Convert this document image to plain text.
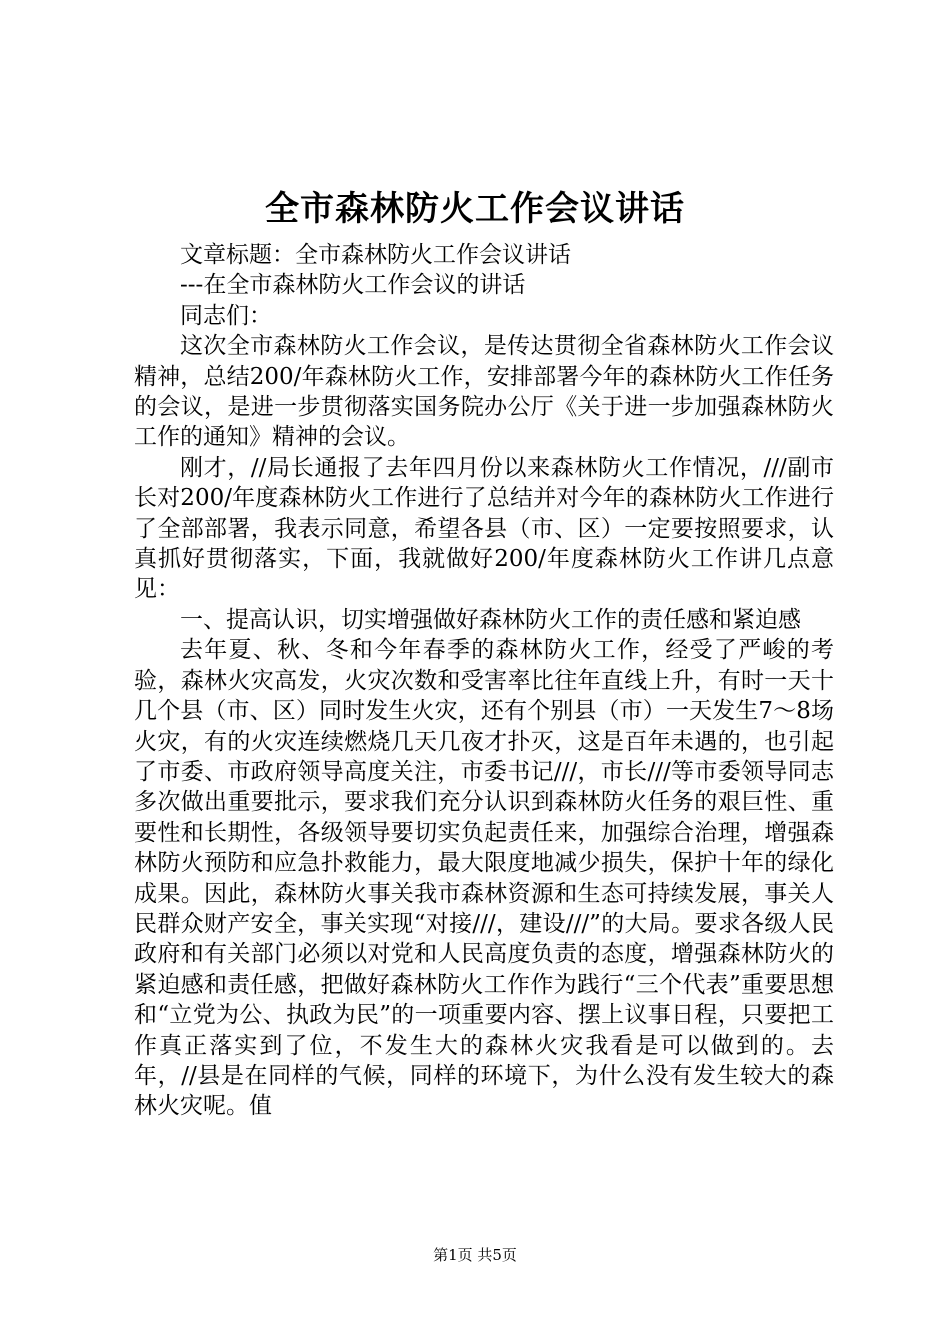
全市森林防火工作会议讲话

文章标题：全市森林防火工作会议讲话

---在全市森林防火工作会议的讲话

同志们：

这次全市森林防火工作会议，是传达贯彻全省森林防火工作会议精神，总结200/年森林防火工作，安排部署今年的森林防火工作任务的会议，是进一步贯彻落实国务院办公厅《关于进一步加强森林防火工作的通知》精神的会议。

刚才，//局长通报了去年四月份以来森林防火工作情况，///副市长对200/年度森林防火工作进行了总结并对今年的森林防火工作进行了全部部署，我表示同意，希望各县（市、区）一定要按照要求，认真抓好贯彻落实，下面，我就做好200/年度森林防火工作讲几点意见：

一、提高认识，切实增强做好森林防火工作的责任感和紧迫感

去年夏、秋、冬和今年春季的森林防火工作，经受了严峻的考验，森林火灾高发，火灾次数和受害率比往年直线上升，有时一天十几个县（市、区）同时发生火灾，还有个别县（市）一天发生7～8场火灾，有的火灾连续燃烧几天几夜才扑灭，这是百年未遇的，也引起了市委、市政府领导高度关注，市委书记///，市长///等市委领导同志多次做出重要批示，要求我们充分认识到森林防火任务的艰巨性、重要性和长期性，各级领导要切实负起责任来，加强综合治理，增强森林防火预防和应急扑救能力，最大限度地减少损失，保护十年的绿化成果。因此，森林防火事关我市森林资源和生态可持续发展，事关人民群众财产安全，事关实现“对接///，建设///”的大局。要求各级人民政府和有关部门必须以对党和人民高度负责的态度，增强森林防火的紧迫感和责任感，把做好森林防火工作作为践行“三个代表”重要思想和“立党为公、执政为民”的一项重要内容、摆上议事日程，只要把工作真正落实到了位，不发生大的森林火灾我看是可以做到的。去年，//县是在同样的气候，同样的环境下，为什么没有发生较大的森林火灾呢。值

第1页 共5页
